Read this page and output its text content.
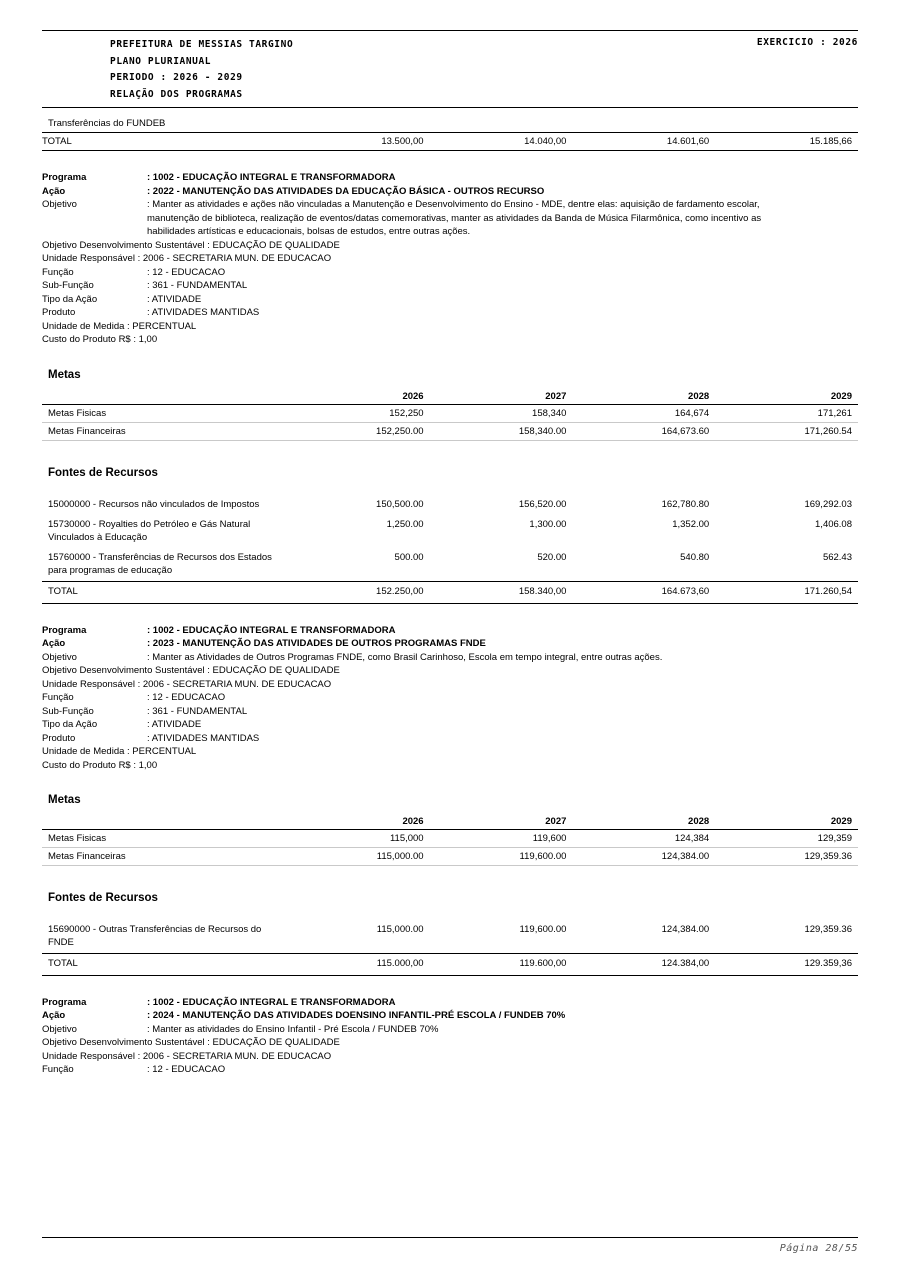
PREFEITURA DE MESSIAS TARGINO
PLANO PLURIANUAL
PERIODO : 2026 - 2029
RELAÇÃO DOS PROGRAMAS
EXERCICIO : 2026
Transferências do FUNDEB
TOTAL	13.500,00	14.040,00	14.601,60	15.185,66
Programa	: 1002 - EDUCAÇÃO INTEGRAL E TRANSFORMADORA
Ação	: 2022 - MANUTENÇÃO DAS ATIVIDADES DA EDUCAÇÃO BÁSICA - OUTROS RECURSO
Objetivo	: Manter as atividades e ações não vinculadas a Manutenção e Desenvolvimento do Ensino - MDE, dentre elas: aquisição de fardamento escolar,
manutenção de biblioteca, realização de eventos/datas comemorativas, manter as atividades da Banda de Música Filarmônica, como incentivo as
habilidades artísticas e educacionais, bolsas de estudos, entre outras ações.
Objetivo Desenvolvimento Sustentável : EDUCAÇÃO DE QUALIDADE
Unidade Responsável : 2006 - SECRETARIA MUN. DE EDUCACAO
Função	: 12 - EDUCACAO
Sub-Função	: 361 - FUNDAMENTAL
Tipo da Ação	: ATIVIDADE
Produto	: ATIVIDADES MANTIDAS
Unidade de Medida : PERCENTUAL
Custo do Produto R$ : 1,00
Metas
	2026	2027	2028	2029
Metas Fisicas	152,250	158,340	164,674	171,261
Metas Financeiras	152,250.00	158,340.00	164,673.60	171,260.54
Fontes de Recursos
15000000 - Recursos não vinculados de Impostos	150,500.00	156,520.00	162,780.80	169,292.03
15730000 - Royalties do Petróleo e Gás Natural Vinculados à Educação	1,250.00	1,300.00	1,352.00	1,406.08
15760000 - Transferências de Recursos dos Estados para programas de educação	500.00	520.00	540.80	562.43
TOTAL	152.250,00	158.340,00	164.673,60	171.260,54
Programa	: 1002 - EDUCAÇÃO INTEGRAL E TRANSFORMADORA
Ação	: 2023 - MANUTENÇÃO DAS ATIVIDADES DE OUTROS PROGRAMAS FNDE
Objetivo	: Manter as Atividades de Outros Programas FNDE, como Brasil Carinhoso, Escola em tempo integral, entre outras ações.
Objetivo Desenvolvimento Sustentável : EDUCAÇÃO DE QUALIDADE
Unidade Responsável : 2006 - SECRETARIA MUN. DE EDUCACAO
Função	: 12 - EDUCACAO
Sub-Função	: 361 - FUNDAMENTAL
Tipo da Ação	: ATIVIDADE
Produto	: ATIVIDADES MANTIDAS
Unidade de Medida : PERCENTUAL
Custo do Produto R$ : 1,00
Metas
	2026	2027	2028	2029
Metas Fisicas	115,000	119,600	124,384	129,359
Metas Financeiras	115,000.00	119,600.00	124,384.00	129,359.36
Fontes de Recursos
15690000 - Outras Transferências de Recursos do FNDE	115,000.00	119,600.00	124,384.00	129,359.36
TOTAL	115.000,00	119.600,00	124.384,00	129.359,36
Programa	: 1002 - EDUCAÇÃO INTEGRAL E TRANSFORMADORA
Ação	: 2024 - MANUTENÇÃO DAS ATIVIDADES DOENSINO INFANTIL-PRÉ ESCOLA / FUNDEB 70%
Objetivo	: Manter as atividades do Ensino Infantil - Pré Escola / FUNDEB 70%
Objetivo Desenvolvimento Sustentável : EDUCAÇÃO DE QUALIDADE
Unidade Responsável : 2006 - SECRETARIA MUN. DE EDUCACAO
Função	: 12 - EDUCACAO
Página 28/55
